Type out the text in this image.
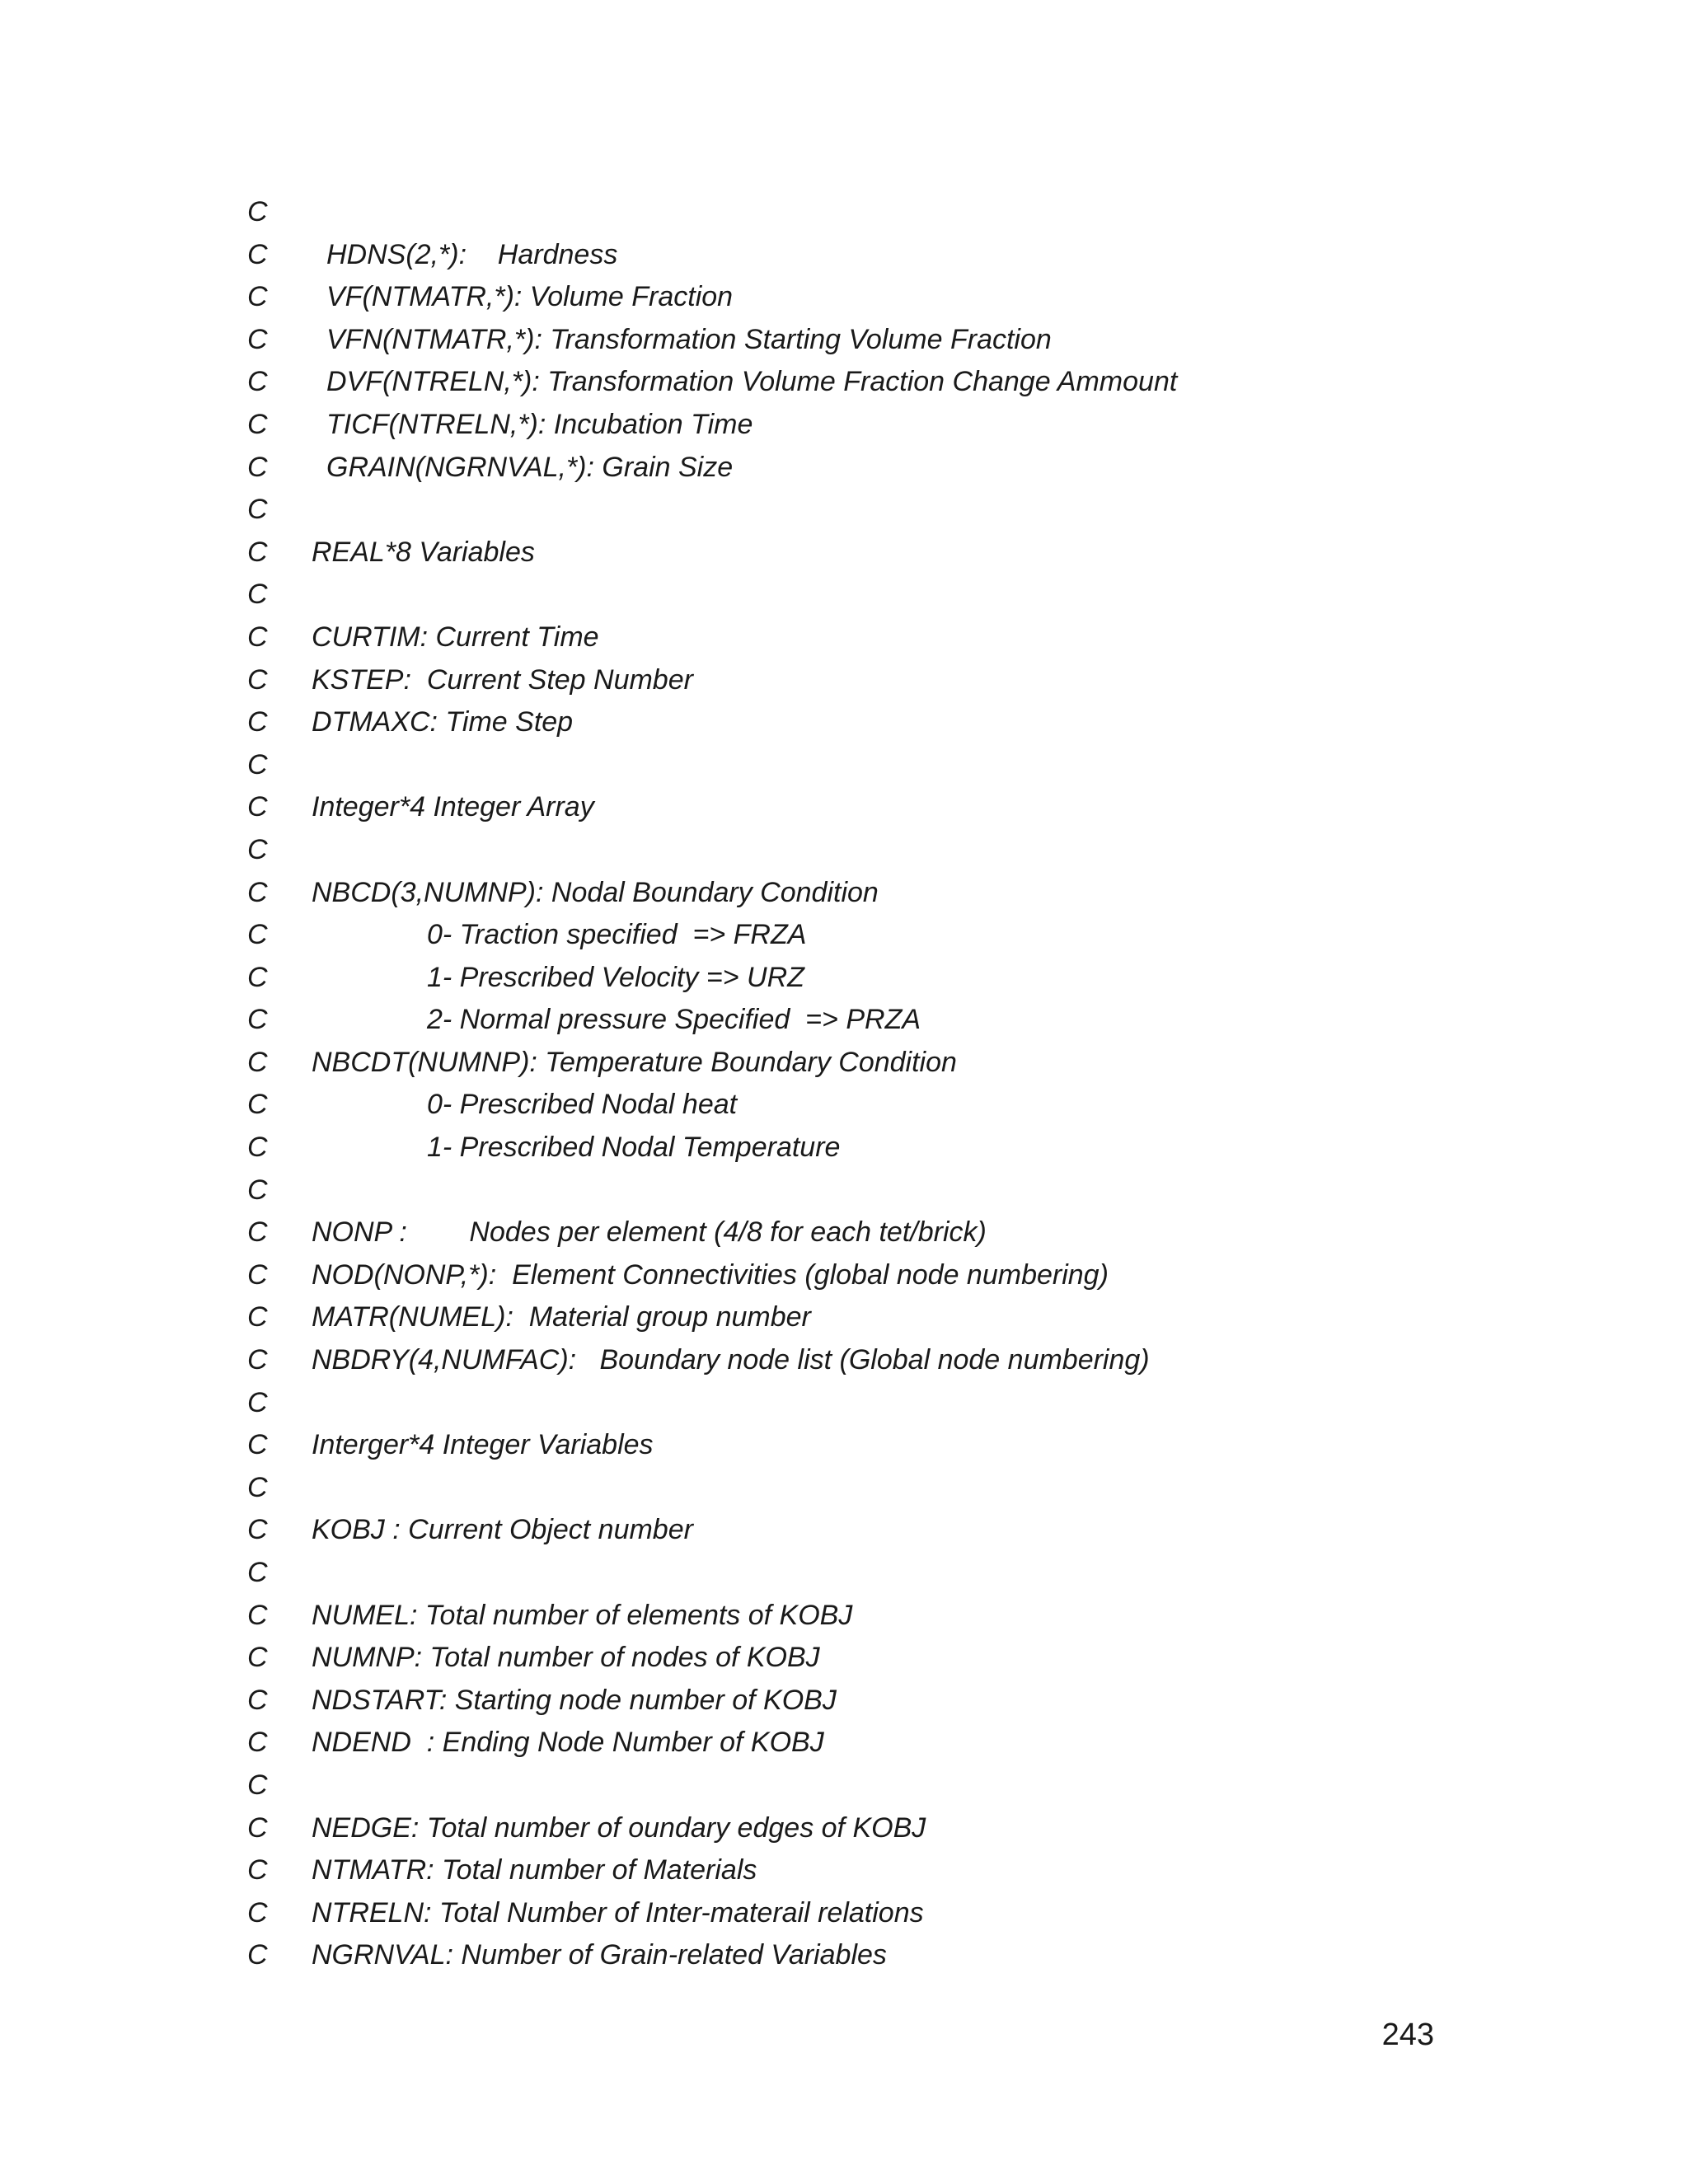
C
C HDNS(2,*):    Hardness
C VF(NTMATR,*): Volume Fraction
C VFN(NTMATR,*): Transformation Starting Volume Fraction
C DVF(NTRELN,*): Transformation Volume Fraction Change Ammount
C TICF(NTRELN,*): Incubation Time
C GRAIN(NGRNVAL,*): Grain Size
C
C REAL*8 Variables
C
C CURTIM: Current Time
C KSTEP:  Current Step Number
C DTMAXC: Time Step
C
C Integer*4 Integer Array
C
C NBCD(3,NUMNP): Nodal Boundary Condition
C	0- Traction specified  => FRZA
C	1- Prescribed Velocity => URZ
C	2- Normal pressure Specified  => PRZA
C NBCDT(NUMNP): Temperature Boundary Condition
C	0- Prescribed Nodal heat
C	1- Prescribed Nodal Temperature
C
C NONP :        Nodes per element (4/8 for each tet/brick)
C NOD(NONP,*):  Element Connectivities (global node numbering)
C MATR(NUMEL):  Material group number
C NBDRY(4,NUMFAC):   Boundary node list (Global node numbering)
C
C Interger*4 Integer Variables
C
C KOBJ : Current Object number
C
C NUMEL: Total number of elements of KOBJ
C NUMNP: Total number of nodes of KOBJ
C NDSTART: Starting node number of KOBJ
C NDEND  : Ending Node Number of KOBJ
C
C NEDGE: Total number of oundary edges of KOBJ
C NTMATR: Total number of Materials
C NTRELN: Total Number of Inter-materail relations
C NGRNVAL: Number of Grain-related Variables
243
